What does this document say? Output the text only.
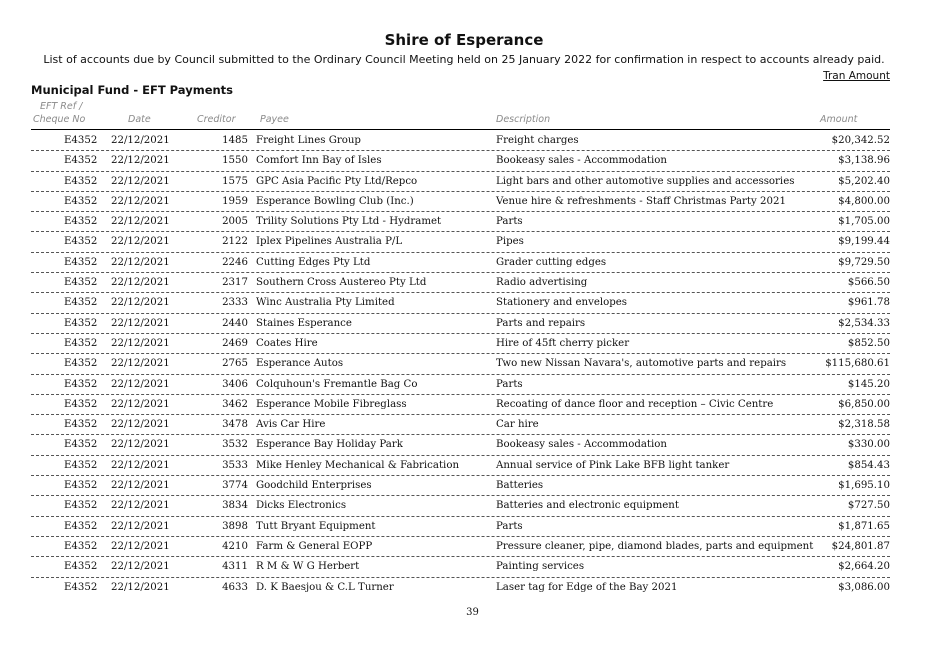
Shire of Esperance
List of accounts due by Council submitted to the Ordinary Council Meeting held on 25 January 2022 for confirmation in respect to accounts already paid.
Tran Amount
Municipal Fund - EFT Payments
EFT Ref /
Cheque No	Date	Creditor	Payee	Description	Amount
E4352 22/12/2021	1485 Freight Lines Group	Freight charges	$20,342.52
E4352 22/12/2021	1550 Comfort Inn Bay of Isles	Bookeasy sales - Accommodation	$3,138.96
E4352 22/12/2021	1575 GPC Asia Pacific Pty Ltd/Repco	Light bars and other automotive supplies and accessories	$5,202.40
E4352 22/12/2021	1959 Esperance Bowling Club (Inc.)	Venue hire & refreshments - Staff Christmas Party 2021	$4,800.00
E4352 22/12/2021	2005 Trility Solutions Pty Ltd - Hydramet	Parts	$1,705.00
E4352 22/12/2021	2122 Iplex Pipelines Australia P/L	Pipes	$9,199.44
E4352 22/12/2021	2246 Cutting Edges Pty Ltd	Grader cutting edges	$9,729.50
E4352 22/12/2021	2317 Southern Cross Austereo Pty Ltd	Radio advertising	$566.50
E4352 22/12/2021	2333 Winc Australia Pty Limited	Stationery and envelopes	$961.78
E4352 22/12/2021	2440 Staines Esperance	Parts and repairs	$2,534.33
E4352 22/12/2021	2469 Coates Hire	Hire of 45ft cherry picker	$852.50
E4352 22/12/2021	2765 Esperance Autos	Two new Nissan Navara's, automotive parts and repairs	$115,680.61
E4352 22/12/2021	3406 Colquhoun's Fremantle Bag Co	Parts	$145.20
E4352 22/12/2021	3462 Esperance Mobile Fibreglass	Recoating of dance floor and reception – Civic Centre	$6,850.00
E4352 22/12/2021	3478 Avis Car Hire	Car hire	$2,318.58
E4352 22/12/2021	3532 Esperance Bay Holiday Park	Bookeasy sales - Accommodation	$330.00
E4352 22/12/2021	3533 Mike Henley Mechanical & Fabrication	Annual service of Pink Lake BFB light tanker	$854.43
E4352 22/12/2021	3774 Goodchild Enterprises	Batteries	$1,695.10
E4352 22/12/2021	3834 Dicks Electronics	Batteries and electronic equipment	$727.50
E4352 22/12/2021	3898 Tutt Bryant Equipment	Parts	$1,871.65
E4352 22/12/2021	4210 Farm & General EOPP	Pressure cleaner, pipe, diamond blades, parts and equipment $24,801.87
E4352 22/12/2021	4311 R M & W G Herbert	Painting services	$2,664.20
E4352 22/12/2021	4633 D. K Baesjou & C.L Turner	Laser tag for Edge of the Bay 2021	$3,086.00
39
